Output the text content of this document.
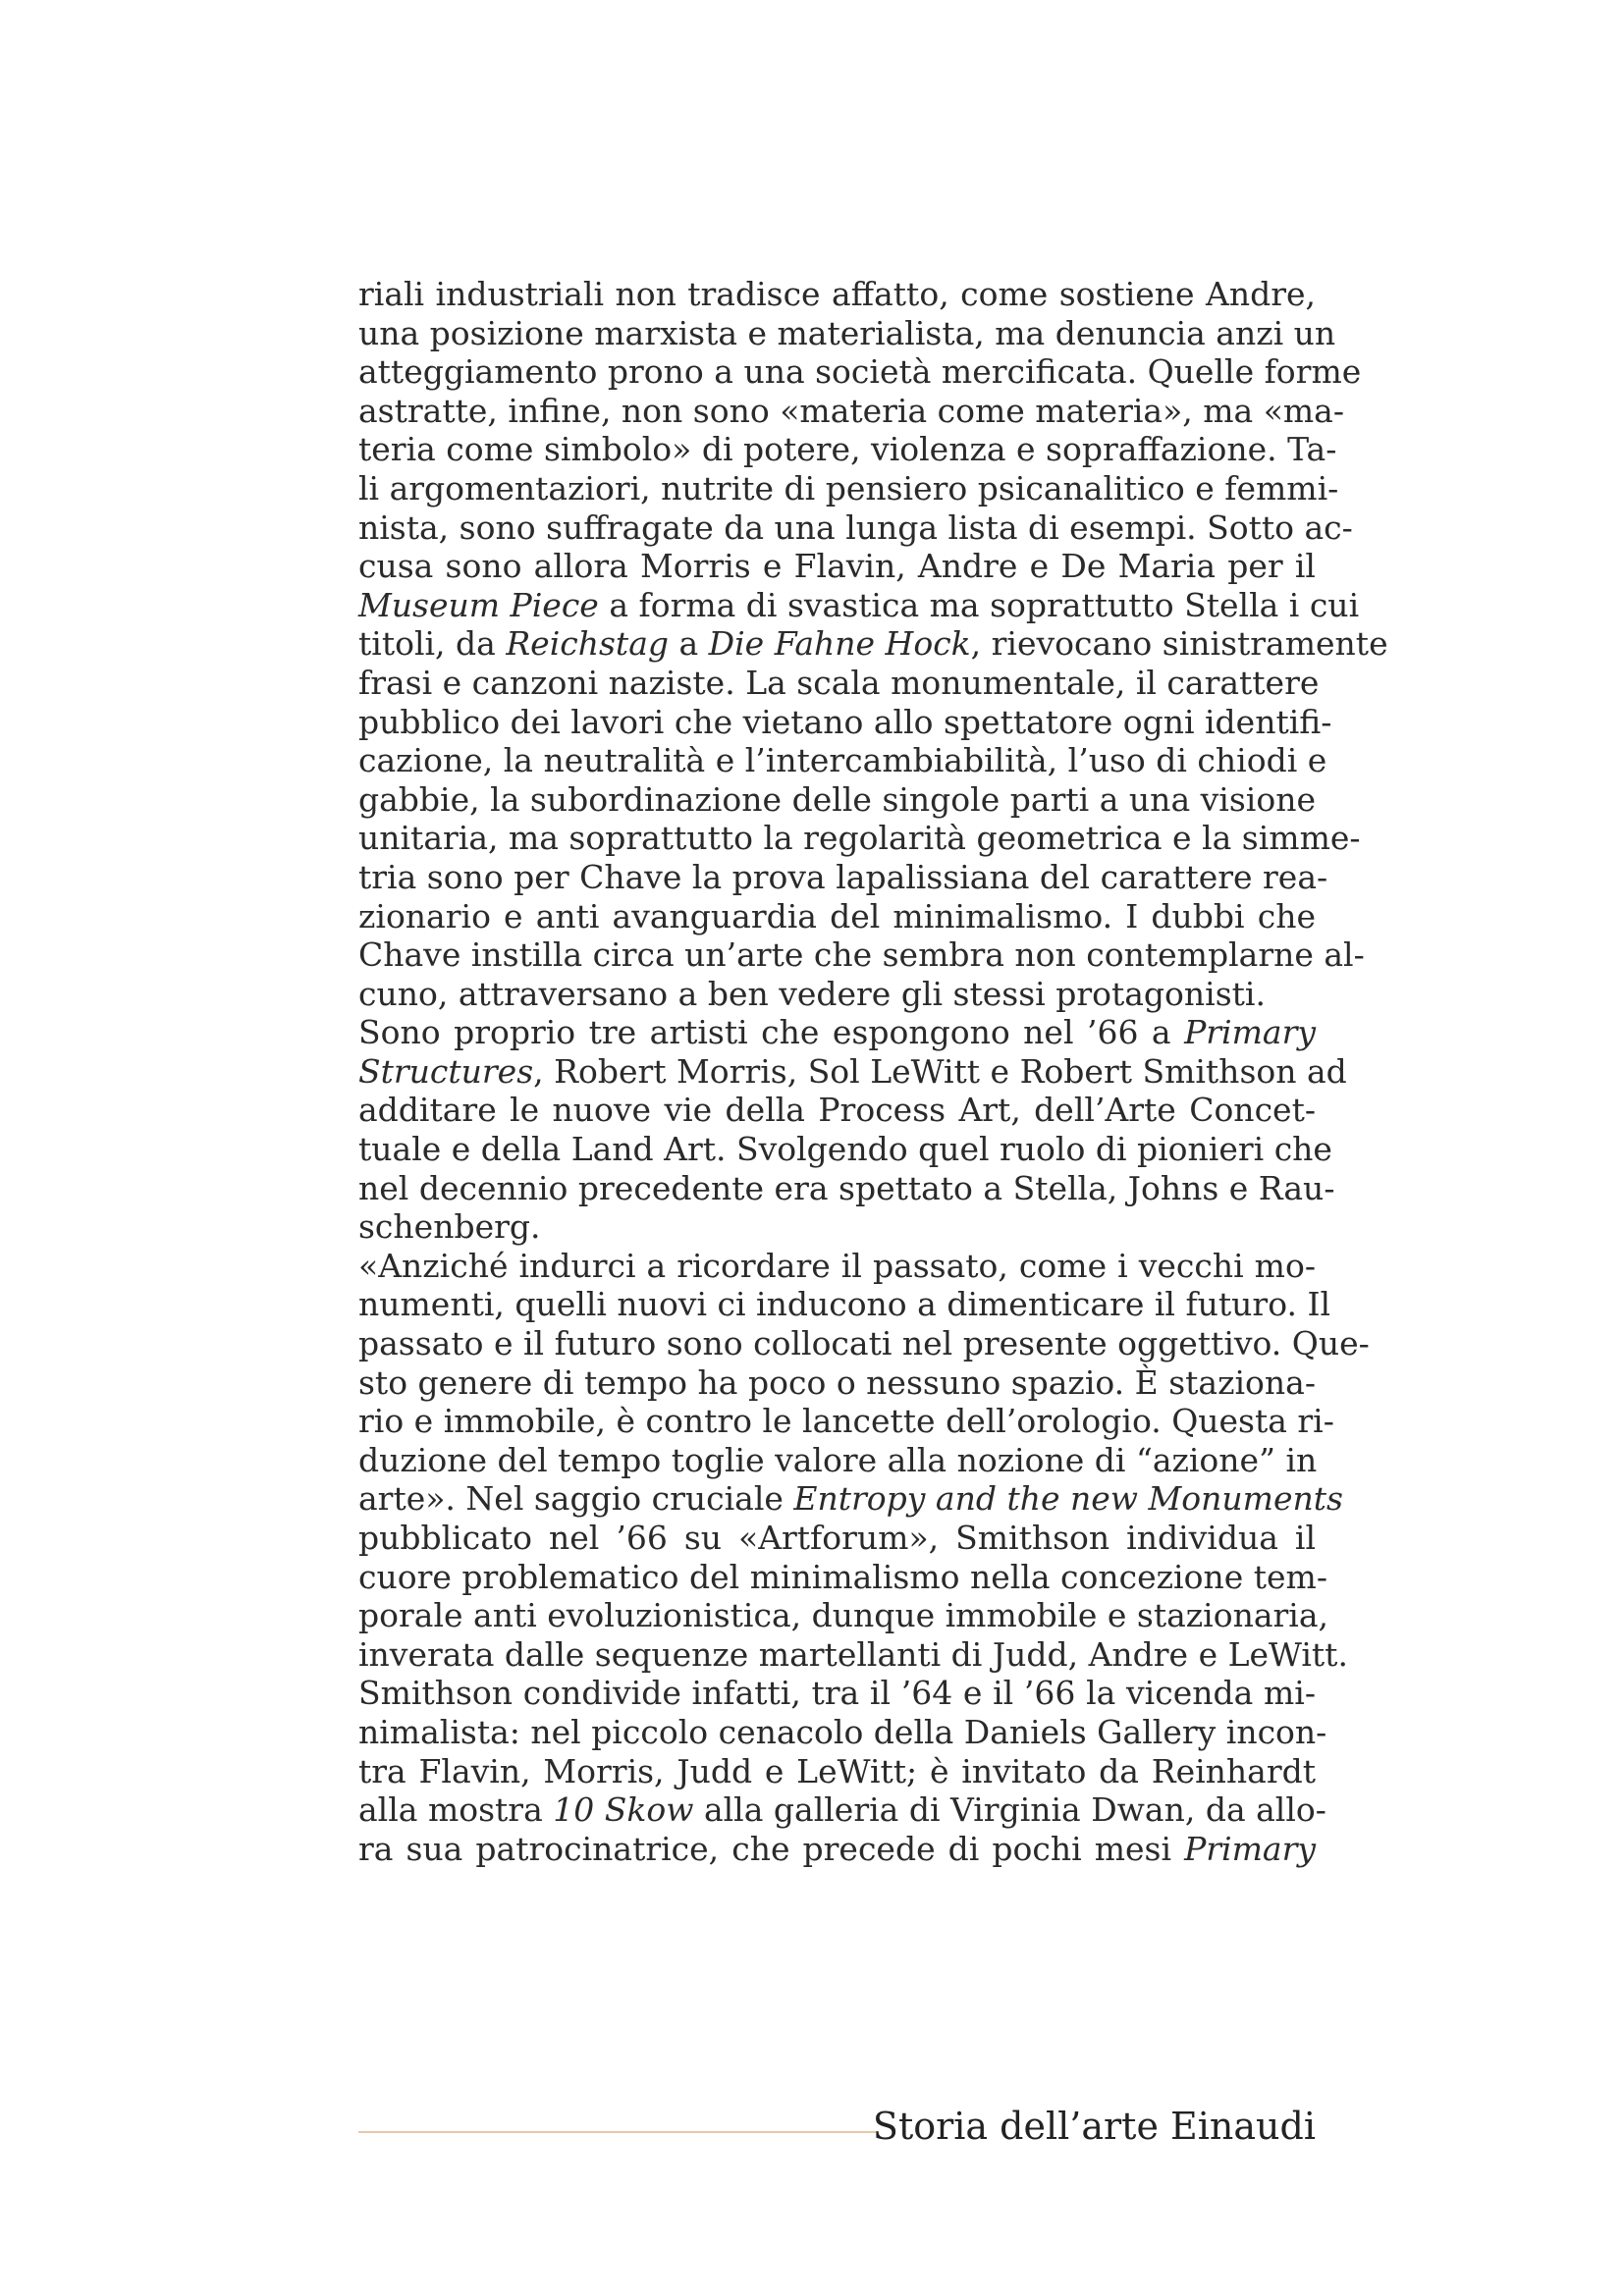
riali industriali non tradisce affatto, come sostiene Andre,
una posizione marxista e materialista, ma denuncia anzi un
atteggiamento prono a una società mercificata. Quelle forme
astratte, infine, non sono «materia come materia», ma «ma-
teria come simbolo» di potere, violenza e sopraffazione. Ta-
li argomentaziori, nutrite di pensiero psicanalitico e femmi-
nista, sono suffragate da una lunga lista di esempi. Sotto ac-
cusa sono allora Morris e Flavin, Andre e De Maria per il
Museum Piece a forma di svastica ma soprattutto Stella i cui
titoli, da Reichstag a Die Fahne Hock, rievocano sinistramente
frasi e canzoni naziste. La scala monumentale, il carattere
pubblico dei lavori che vietano allo spettatore ogni identifi-
cazione, la neutralità e l’intercambiabilità, l’uso di chiodi e
gabbie, la subordinazione delle singole parti a una visione
unitaria, ma soprattutto la regolarità geometrica e la simme-
tria sono per Chave la prova lapalissiana del carattere rea-
zionario e anti avanguardia del minimalismo. I dubbi che
Chave instilla circa un’arte che sembra non contemplarne al-
cuno, attraversano a ben vedere gli stessi protagonisti.
Sono proprio tre artisti che espongono nel ’66 a Primary
Structures, Robert Morris, Sol LeWitt e Robert Smithson ad
additare le nuove vie della Process Art, dell’Arte Concet-
tuale e della Land Art. Svolgendo quel ruolo di pionieri che
nel decennio precedente era spettato a Stella, Johns e Rau-
schenberg.
«Anziché indurci a ricordare il passato, come i vecchi mo-
numenti, quelli nuovi ci inducono a dimenticare il futuro. Il
passato e il futuro sono collocati nel presente oggettivo. Que-
sto genere di tempo ha poco o nessuno spazio. È staziona-
rio e immobile, è contro le lancette dell’orologio. Questa ri-
duzione del tempo toglie valore alla nozione di “azione” in
arte». Nel saggio cruciale Entropy and the new Monuments
pubblicato nel ’66 su «Artforum», Smithson individua il
cuore problematico del minimalismo nella concezione tem-
porale anti evoluzionistica, dunque immobile e stazionaria,
inverata dalle sequenze martellanti di Judd, Andre e LeWitt.
Smithson condivide infatti, tra il ’64 e il ’66 la vicenda mi-
nimalista: nel piccolo cenacolo della Daniels Gallery incon-
tra Flavin, Morris, Judd e LeWitt; è invitato da Reinhardt
alla mostra 10 Skow alla galleria di Virginia Dwan, da allo-
ra sua patrocinatrice, che precede di pochi mesi Primary
Storia dell’arte Einaudi
